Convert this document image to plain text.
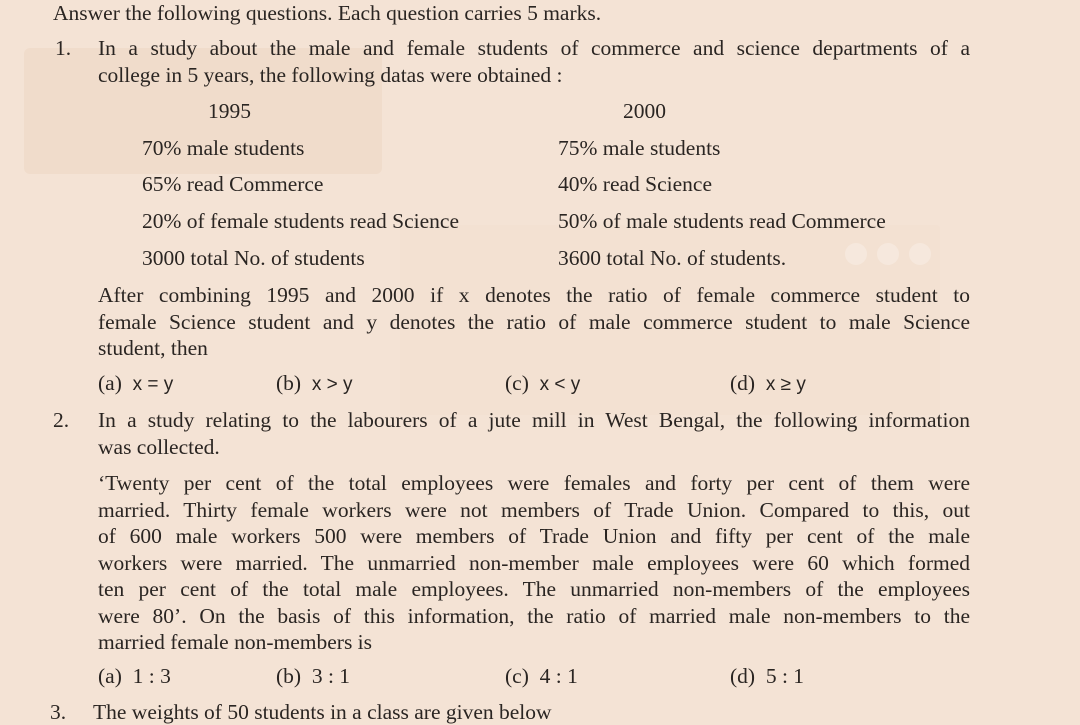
Answer the following questions. Each question carries 5 marks.
1. In a study about the male and female students of commerce and science departments of a
college in 5 years, the following datas were obtained :
1995	2000
70% male students	75% male students
65% read Commerce	40% read Science
20% of female students read Science	50% of male students read Commerce
3000 total No. of students	3600 total No. of students.
After combining 1995 and 2000 if x denotes the ratio of female commerce student to
female Science student and y denotes the ratio of male commerce student to male Science
student, then
(a) x = y	(b) x > y	(c) x < y	(d) x ≥ y
2. In a study relating to the labourers of a jute mill in West Bengal, the following information
was collected.
‘Twenty per cent of the total employees were females and forty per cent of them were
married. Thirty female workers were not members of Trade Union. Compared to this, out
of 600 male workers 500 were members of Trade Union and fifty per cent of the male
workers were married. The unmarried non-member male employees were 60 which formed
ten per cent of the total male employees. The unmarried non-members of the employees
were 80’. On the basis of this information, the ratio of married male non-members to the
married female non-members is
(a) 1 : 3	(b) 3 : 1	(c) 4 : 1	(d) 5 : 1
3. The weights of 50 students in a class are given below
